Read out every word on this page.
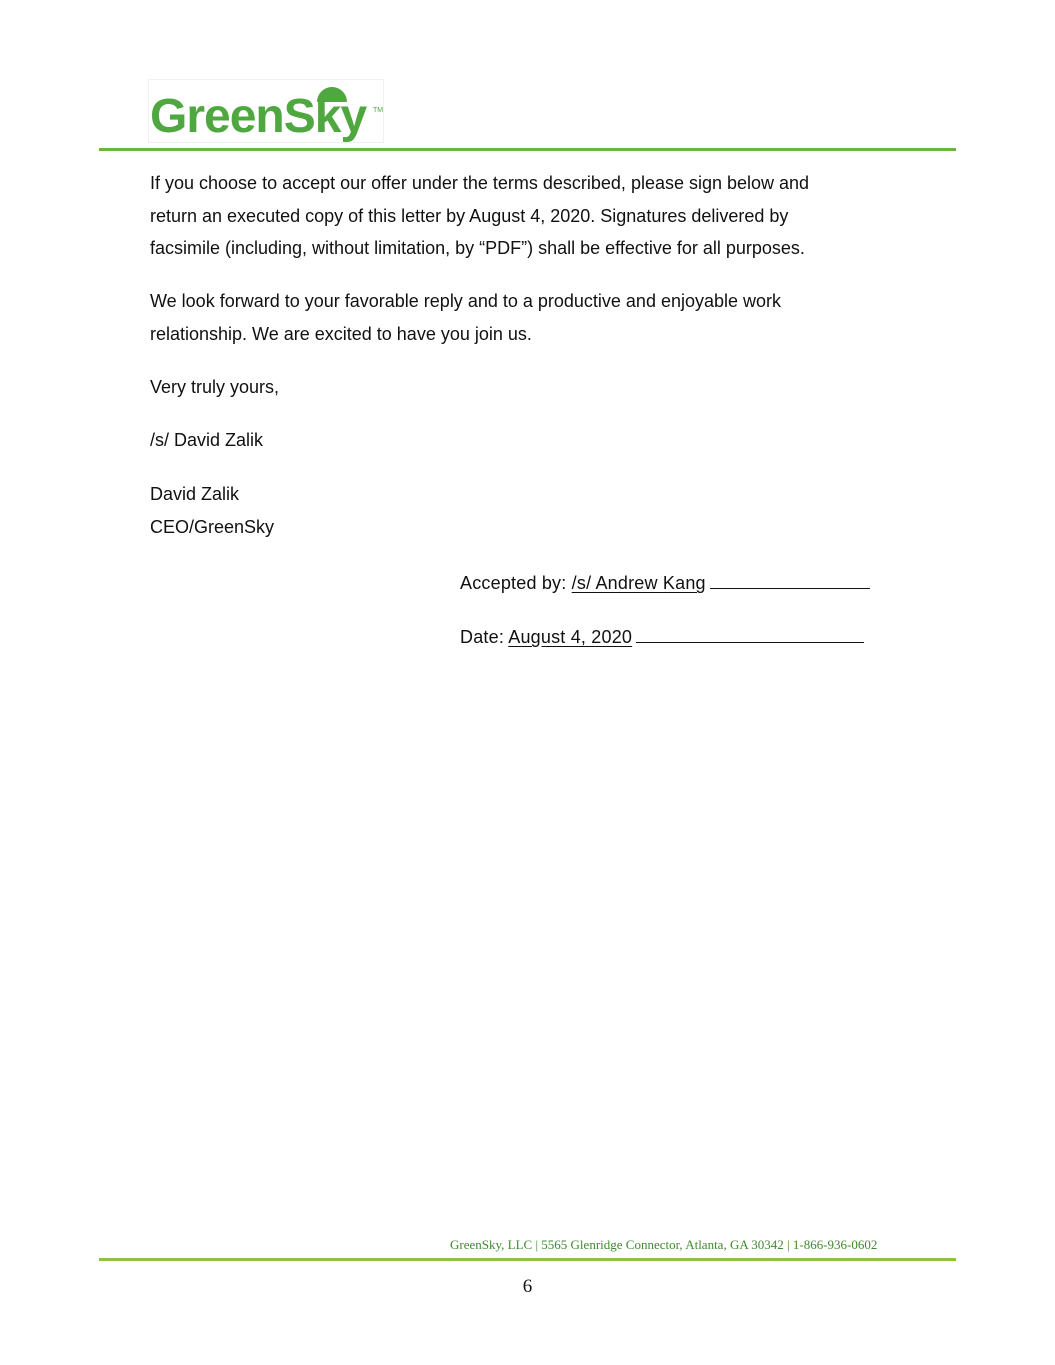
GreenSky TM

If you choose to accept our offer under the terms described, please sign below and
return an executed copy of this letter by August 4, 2020. Signatures delivered by
facsimile (including, without limitation, by “PDF”) shall be effective for all purposes.

We look forward to your favorable reply and to a productive and enjoyable work
relationship. We are excited to have you join us.

Very truly yours,

/s/ David Zalik

David Zalik
CEO/GreenSky

Accepted by: /s/ Andrew Kang
Date: August 4, 2020
GreenSky, LLC | 5565 Glenridge Connector, Atlanta, GA 30342 | 1-866-936-0602
6
